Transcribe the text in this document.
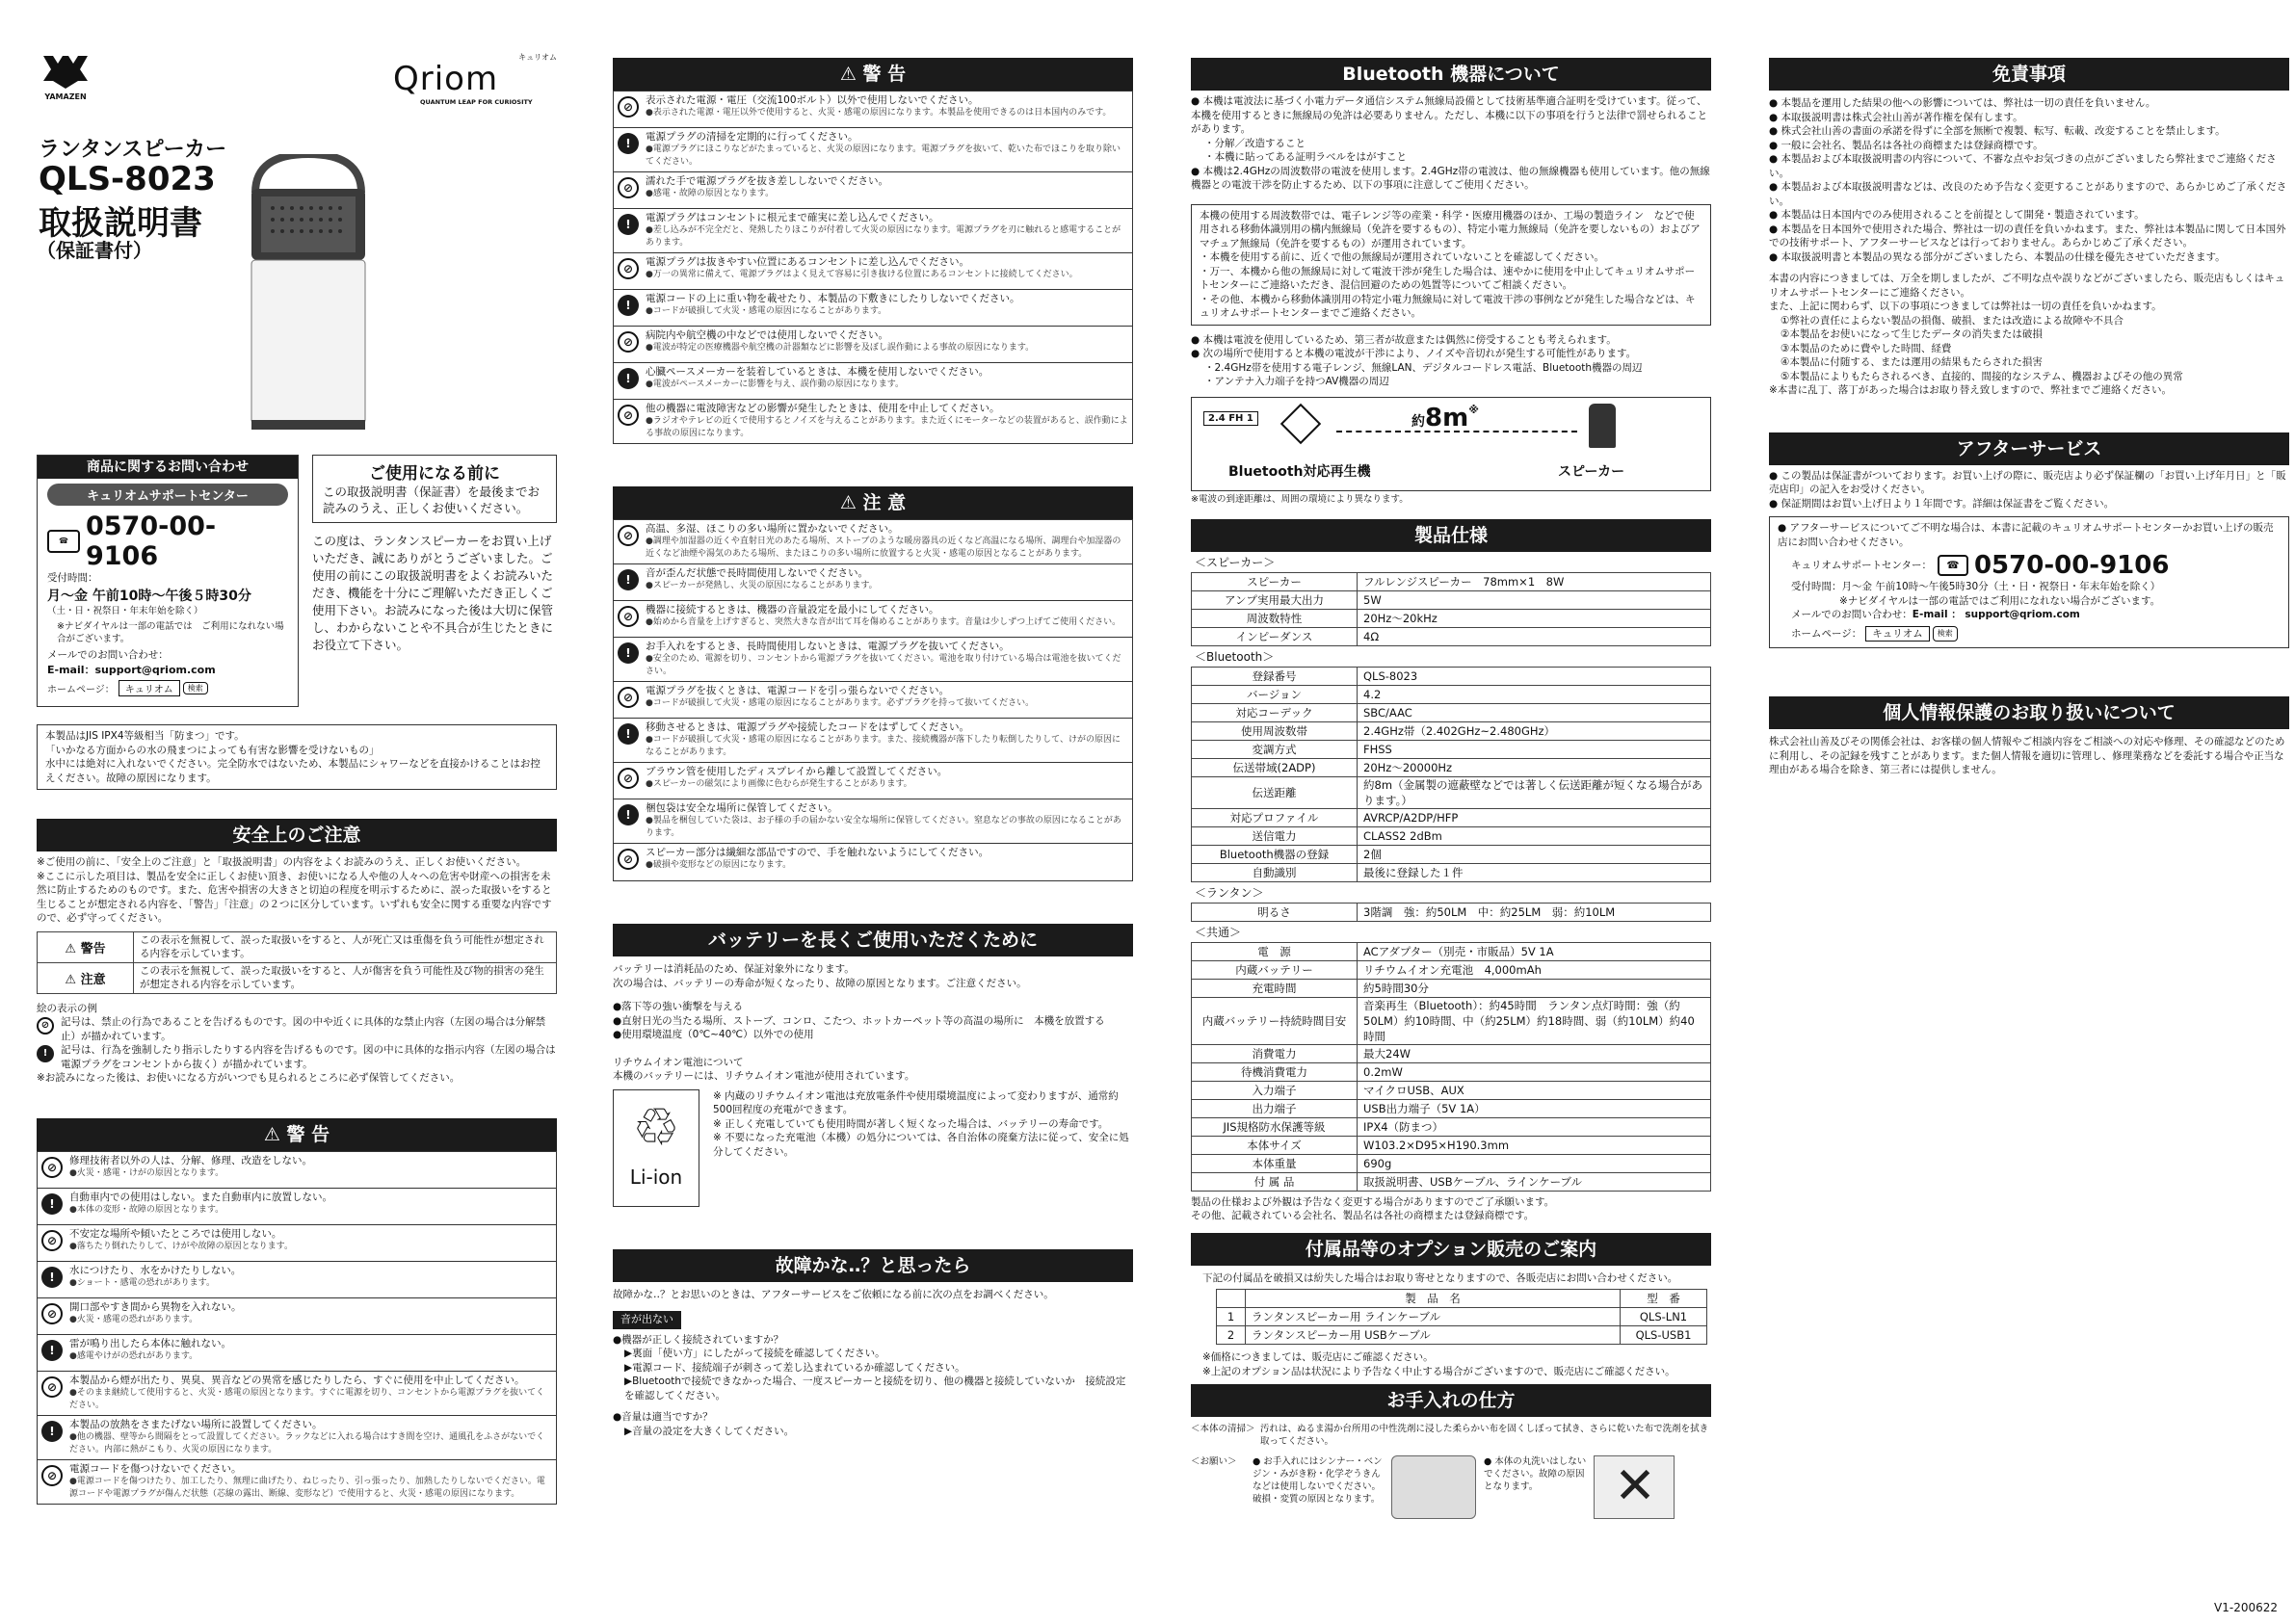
YAMAZEN
キュリオム
Qriom
QUANTUM LEAP FOR CURIOSITY
ランタンスピーカー
QLS-8023
取扱説明書
（保証書付）
商品に関するお問い合わせ
キュリオムサポートセンター
☎ 0570-00-9106
受付時間：
月～金 午前10時～午後５時30分
（土・日・祝祭日・年末年始を除く）
※ナビダイヤルは一部の電話では　ご利用になれない場合がございます。
メールでのお問い合わせ：
E-mail：support@qriom.com
ホームページ：	キュリオム	検索
ご使用になる前に
この取扱説明書（保証書）を最後までお読みのうえ、正しくお使いください。
この度は、ランタンスピーカーをお買い上げいただき、誠にありがとうございました。ご使用の前にこの取扱説明書をよくお読みいただき、機能を十分にご理解いただき正しくご使用下さい。お読みになった後は大切に保管し、わからないことや不具合が生じたときにお役立て下さい。
本製品はJIS IPX4等級相当「防まつ」です。
「いかなる方面からの水の飛まつによっても有害な影響を受けないもの」
水中には絶対に入れないでください。完全防水ではないため、本製品にシャワーなどを直接かけることはお控えください。故障の原因になります。
安全上のご注意
※ご使用の前に、「安全上のご注意」と「取扱説明書」の内容をよくお読みのうえ、正しくお使いください。
※ここに示した項目は、製品を安全に正しくお使い頂き、お使いになる人や他の人々への危害や財産への損害を未然に防止するためのものです。また、危害や損害の大きさと切迫の程度を明示するために、誤った取扱いをすると生じることが想定される内容を、「警告」「注意」の２つに区分しています。いずれも安全に関する重要な内容ですので、必ず守ってください。
⚠ 警告	この表示を無視して、誤った取扱いをすると、人が死亡又は重傷を負う可能性が想定される内容を示しています。
⚠ 注意	この表示を無視して、誤った取扱いをすると、人が傷害を負う可能性及び物的損害の発生が想定される内容を示しています。
絵の表示の例
⊘	記号は、禁止の行為であることを告げるものです。図の中や近くに具体的な禁止内容（左図の場合は分解禁止）が描かれています。
!	記号は、行為を強制したり指示したりする内容を告げるものです。図の中に具体的な指示内容（左図の場合は電源プラグをコンセントから抜く）が描かれています。
※お読みになった後は、お使いになる方がいつでも見られるところに必ず保管してください。
⚠ 警 告
⊘	修理技術者以外の人は、分解、修理、改造をしない。

●火災・感電・けがの原因となります。

!	自動車内での使用はしない。また自動車内に放置しない。

●本体の変形・故障の原因となります。

⊘	不安定な場所や傾いたところでは使用しない。

●落ちたり倒れたりして、けがや故障の原因となります。

!	水につけたり、水をかけたりしない。

●ショート・感電の恐れがあります。

⊘	開口部やすき間から異物を入れない。

●火災・感電の恐れがあります。

!	雷が鳴り出したら本体に触れない。

●感電やけがの恐れがあります。

⊘	本製品から煙が出たり、異臭、異音などの異常を感じたりしたら、すぐに使用を中止してください。

●そのまま継続して使用すると、火災・感電の原因となります。すぐに電源を切り、コンセントから電源プラグを抜いてください。

!	本製品の放熱をさまたげない場所に設置してください。

●他の機器、壁等から間隔をとって設置してください。ラックなどに入れる場合はすき間を空け、通風孔をふさがないでください。内部に熱がこもり、火災の原因になります。

⊘	電源コードを傷つけないでください。

●電源コードを傷つけたり、加工したり、無理に曲げたり、ねじったり、引っ張ったり、加熱したりしないでください。電源コードや電源プラグが傷んだ状態（芯線の露出、断線、変形など）で使用すると、火災・感電の原因になります。

⚠ 警 告
⊘	表示された電源・電圧（交流100ボルト）以外で使用しないでください。

●表示された電源・電圧以外で使用すると、火災・感電の原因になります。本製品を使用できるのは日本国内のみです。

!	電源プラグの清掃を定期的に行ってください。

●電源プラグにほこりなどがたまっていると、火災の原因になります。電源プラグを抜いて、乾いた布でほこりを取り除いてください。

⊘	濡れた手で電源プラグを抜き差ししないでください。

●感電・故障の原因となります。

!	電源プラグはコンセントに根元まで確実に差し込んでください。

●差し込みが不完全だと、発熱したりほこりが付着して火災の原因になります。電源プラグを刃に触れると感電することがあります。

⊘	電源プラグは抜きやすい位置にあるコンセントに差し込んでください。

●万一の異常に備えて、電源プラグはよく見えて容易に引き抜ける位置にあるコンセントに接続してください。

!	電源コードの上に重い物を載せたり、本製品の下敷きにしたりしないでください。

●コードが破損して火災・感電の原因になることがあります。

⊘	病院内や航空機の中などでは使用しないでください。

●電波が特定の医療機器や航空機の計器類などに影響を及ぼし誤作動による事故の原因になります。

!	心臓ペースメーカーを装着しているときは、本機を使用しないでください。

●電波がペースメーカーに影響を与え、誤作動の原因になります。

⊘	他の機器に電波障害などの影響が発生したときは、使用を中止してください。

●ラジオやテレビの近くで使用するとノイズを与えることがあります。また近くにモーターなどの装置があると、誤作動による事故の原因になります。

⚠ 注 意
⊘	高温、多湿、ほこりの多い場所に置かないでください。

●調理や加湿器の近くや直射日光のあたる場所、ストーブのような暖房器具の近くなど高温になる場所、調理台や加湿器の近くなど油煙や湯気のあたる場所、またほこりの多い場所に放置すると火災・感電の原因となることがあります。

!	音が歪んだ状態で長時間使用しないでください。

●スピーカーが発熱し、火災の原因になることがあります。

⊘	機器に接続するときは、機器の音量設定を最小にしてください。

●始めから音量を上げすぎると、突然大きな音が出て耳を傷めることがあります。音量は少しずつ上げてご使用ください。

!	お手入れをするとき、長時間使用しないときは、電源プラグを抜いてください。

●安全のため、電源を切り、コンセントから電源プラグを抜いてください。電池を取り付けている場合は電池を抜いてください。

⊘	電源プラグを抜くときは、電源コードを引っ張らないでください。

●コードが破損して火災・感電の原因になることがあります。必ずプラグを持って抜いてください。

!	移動させるときは、電源プラグや接続したコードをはずしてください。

●コードが破損して火災・感電の原因になることがあります。また、接続機器が落下したり転倒したりして、けがの原因になることがあります。

⊘	ブラウン管を使用したディスプレイから離して設置してください。

●スピーカーの磁気により画像に色むらが発生することがあります。

!	梱包袋は安全な場所に保管してください。

●製品を梱包していた袋は、お子様の手の届かない安全な場所に保管してください。窒息などの事故の原因になることがあります。

⊘	スピーカー部分は繊細な部品ですので、手を触れないようにしてください。

●破損や変形などの原因になります。

バッテリーを長くご使用いただくために
バッテリーは消耗品のため、保証対象外になります。
次の場合は、バッテリーの寿命が短くなったり、故障の原因となります。ご注意ください。
●落下等の強い衝撃を与える
●直射日光の当たる場所、ストーブ、コンロ、こたつ、ホットカーペット等の高温の場所に　本機を放置する
●使用環境温度（0℃~40℃）以外での使用
リチウムイオン電池について
本機のバッテリーには、リチウムイオン電池が使用されています。
♲
Li-ion
※ 内蔵のリチウムイオン電池は充放電条件や使用環境温度によって変わりますが、通常約500回程度の充電ができます。
※ 正しく充電していても使用時間が著しく短くなった場合は、バッテリーの寿命です。
※ 不要になった充電池（本機）の処分については、各自治体の廃棄方法に従って、安全に処分してください。
故障かな‥？と思ったら
故障かな‥？とお思いのときは、アフターサービスをご依頼になる前に次の点をお調べください。
音が出ない
●機器が正しく接続されていますか？
▶裏面「使い方」にしたがって接続を確認してください。
▶電源コード、接続端子が刺さって差し込まれているか確認してください。
▶Bluetoothで接続できなかった場合、一度スピーカーと接続を切り、他の機器と接続していないか　接続設定を確認してください。
●音量は適当ですか？
▶音量の設定を大きくしてください。
Bluetooth 機器について
● 本機は電波法に基づく小電力データ通信システム無線局設備として技術基準適合証明を受けています。従って、本機を使用するときに無線局の免許は必要ありません。ただし、本機に以下の事項を行うと法律で罰せられることがあります。
・分解／改造すること
・本機に貼ってある証明ラベルをはがすこと
● 本機は2.4GHzの周波数帯の電波を使用します。2.4GHz帯の電波は、他の無線機器も使用しています。他の無線機器との電波干渉を防止するため、以下の事項に注意してご使用ください。
本機の使用する周波数帯では、電子レンジ等の産業・科学・医療用機器のほか、工場の製造ライン　などで使用される移動体識別用の構内無線局（免許を要するもの）、特定小電力無線局（免許を要しないもの）およびアマチュア無線局（免許を要するもの）が運用されています。
・本機を使用する前に、近くで他の無線局が運用されていないことを確認してください。
・万一、本機から他の無線局に対して電波干渉が発生した場合は、速やかに使用を中止してキュリオムサポートセンターにご連絡いただき、混信回避のための処置等についてご相談ください。
・その他、本機から移動体識別用の特定小電力無線局に対して電波干渉の事例などが発生した場合などは、キュリオムサポートセンターまでご連絡ください。
● 本機は電波を使用しているため、第三者が故意または偶然に傍受することも考えられます。
● 次の場所で使用すると本機の電波が干渉により、ノイズや音切れが発生する可能性があります。
・2.4GHz帯を使用する電子レンジ、無線LAN、デジタルコードレス電話、Bluetooth機器の周辺
・アンテナ入力端子を持つAV機器の周辺
2.4 FH 1	約8m※
Bluetooth対応再生機	スピーカー
※電波の到達距離は、周囲の環境により異なります。
製品仕様
＜スピーカー＞
スピーカー	フルレンジスピーカー　78mm×1　8W
アンプ実用最大出力	5W
周波数特性	20Hz～20kHz
インピーダンス	4Ω
＜Bluetooth＞
登録番号	QLS-8023
バージョン	4.2
対応コーデック	SBC/AAC
使用周波数帯	2.4GHz帯（2.402GHz~2.480GHz）
変調方式	FHSS
伝送帯域(2ADP)	20Hz～20000Hz
伝送距離	約8m（金属製の遮蔽壁などでは著しく伝送距離が短くなる場合があります。）
対応プロファイル	AVRCP/A2DP/HFP
送信電力	CLASS2 2dBm
Bluetooth機器の登録	2個
自動識別	最後に登録した１件
＜ランタン＞
明るさ	3階調　強：約50LM　中：約25LM　弱：約10LM
＜共通＞
電　源	ACアダプター（別売・市販品）5V 1A
内蔵バッテリー	リチウムイオン充電池　4,000mAh
充電時間	約5時間30分
内蔵バッテリー持続時間目安	音楽再生（Bluetooth）：約45時間　ランタン点灯時間：強（約50LM）約10時間、中（約25LM）約18時間、弱（約10LM）約40時間
消費電力	最大24W
待機消費電力	0.2mW
入力端子	マイクロUSB、AUX
出力端子	USB出力端子（5V 1A）
JIS規格防水保護等級	IPX4（防まつ）
本体サイズ	W103.2×D95×H190.3mm
本体重量	690g
付 属 品	取扱説明書、USBケーブル、ラインケーブル
製品の仕様および外観は予告なく変更する場合がありますのでご了承願います。
その他、記載されている会社名、製品名は各社の商標または登録商標です。
付属品等のオプション販売のご案内
下記の付属品を破損又は紛失した場合はお取り寄せとなりますので、各販売店にお問い合わせください。
	製　品　名	型　番
1	ランタンスピーカー用 ラインケーブル	QLS-LN1
2	ランタンスピーカー用 USBケーブル	QLS-USB1
※価格につきましては、販売店にご確認ください。
※上記のオプション品は状況により予告なく中止する場合がございますので、販売店にご確認ください。
お手入れの仕方
＜本体の清掃＞ 汚れは、ぬるま湯か台所用の中性洗剤に浸した柔らかい布を固くしぼって拭き、さらに乾いた布で洗剤を拭き取ってください。
＜お願い＞	● お手入れにはシンナー・ベンジン・みがき粉・化学ぞうきんなどは使用しないでください。破損・変質の原因となります。
● 本体の丸洗いはしないでください。故障の原因となります。	✕
免責事項
● 本製品を運用した結果の他への影響については、弊社は一切の責任を負いません。
● 本取扱説明書は株式会社山善が著作権を保有します。
● 株式会社山善の書面の承諾を得ずに全部を無断で複製、転写、転載、改変することを禁止します。
● 一般に会社名、製品名は各社の商標または登録商標です。
● 本製品および本取扱説明書の内容について、不審な点やお気づきの点がございましたら弊社までご連絡ください。
● 本製品および本取扱説明書などは、改良のため予告なく変更することがありますので、あらかじめご了承ください。
● 本製品は日本国内でのみ使用されることを前提として開発・製造されています。
● 本製品を日本国外で使用された場合、弊社は一切の責任を負いかねます。また、弊社は本製品に関して日本国外での技術サポート、アフターサービスなどは行っておりません。あらかじめご了承ください。
● 本取扱説明書と本製品の異なる部分がございましたら、本製品の仕様を優先させていただきます。
本書の内容につきましては、万全を期しましたが、ご不明な点や誤りなどがございましたら、販売店もしくはキュリオムサポートセンターにご連絡ください。
また、上記に関わらず、以下の事項につきましては弊社は一切の責任を負いかねます。
①弊社の責任によらない製品の損傷、破損、または改造による故障や不具合
②本製品をお使いになって生じたデータの消失または破損
③本製品のために費やした時間、経費
④本製品に付随する、または運用の結果もたらされた損害
⑤本製品によりもたらされるべき、直接的、間接的なシステム、機器およびその他の異常
※本書に乱丁、落丁があった場合はお取り替え致しますので、弊社までご連絡ください。
アフターサービス
● この製品は保証書がついております。お買い上げの際に、販売店より必ず保証欄の「お買い上げ年月日」と「販売店印」の記入をお受けください。
● 保証期間はお買い上げ日より１年間です。詳細は保証書をご覧ください。
● アフターサービスについてご不明な場合は、本書に記載のキュリオムサポートセンターかお買い上げの販売店にお問い合わせください。
キュリオムサポートセンター：	☎ 0570-00-9106
受付時間：月～金 午前10時～午後5時30分（土・日・祝祭日・年末年始を除く）
※ナビダイヤルは一部の電話ではご利用になれない場合がございます。
メールでのお問い合わせ：E-mail ： support@qriom.com
ホームページ：	キュリオム	検索
個人情報保護のお取り扱いについて
株式会社山善及びその関係会社は、お客様の個人情報やご相談内容をご相談への対応や修理、その確認などのために利用し、その記録を残すことがあります。また個人情報を適切に管理し、修理業務などを委託する場合や正当な理由がある場合を除き、第三者には提供しません。
V1-200622
